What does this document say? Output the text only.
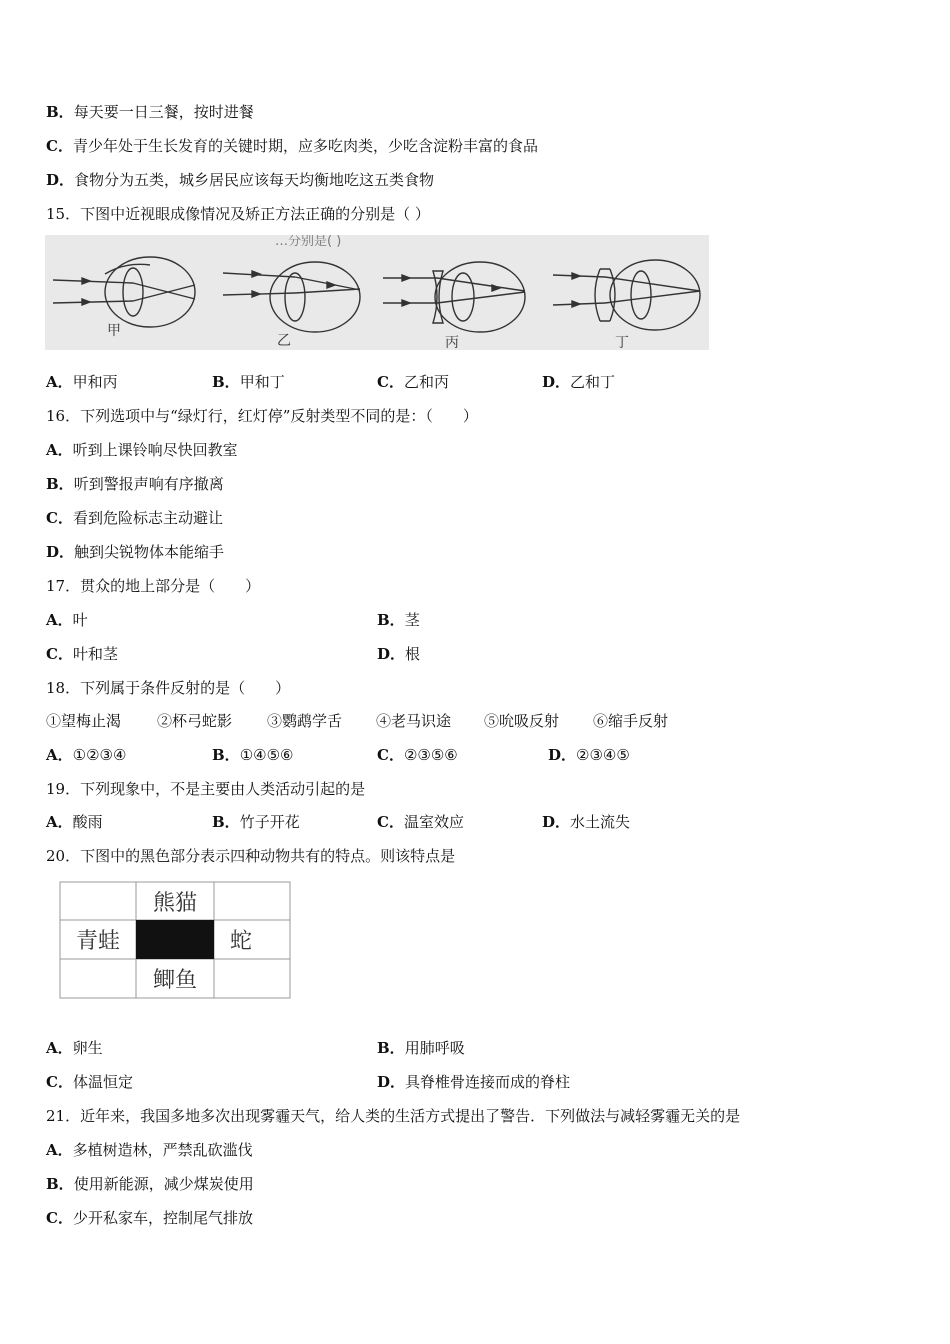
B．每天要一日三餐，按时进餐
C．青少年处于生长发育的关键时期，应多吃肉类，少吃含淀粉丰富的食品
D．食物分为五类，城乡居民应该每天均衡地吃这五类食物
15．下图中近视眼成像情况及矫正方法正确的分别是（ ）
…分别是( )
甲
乙	丙	丁
A．甲和丙	B．甲和丁	C．乙和丙	D．乙和丁
16．下列选项中与“绿灯行，红灯停”反射类型不同的是：（　　）
A．听到上课铃响尽快回教室
B．听到警报声响有序撤离
C．看到危险标志主动避让
D．触到尖锐物体本能缩手
17．贯众的地上部分是（　　）
A．叶	B．茎
C．叶和茎	D．根
18．下列属于条件反射的是（　　）
①望梅止渴 ②杯弓蛇影 ③鹦鹉学舌 ④老马识途 ⑤吮吸反射 ⑥缩手反射
A．①②③④	B．①④⑤⑥	C．②③⑤⑥	D．②③④⑤
19．下列现象中，不是主要由人类活动引起的是
A．酸雨	B．竹子开花	C．温室效应	D．水土流失
20．下图中的黑色部分表示四种动物共有的特点。则该特点是
熊猫
青蛙	蛇
鲫鱼
A．卵生	B．用肺呼吸
C．体温恒定	D．具脊椎骨连接而成的脊柱
21．近年来，我国多地多次出现雾霾天气，给人类的生活方式提出了警告．下列做法与减轻雾霾无关的是
A．多植树造林，严禁乱砍滥伐
B．使用新能源，减少煤炭使用
C．少开私家车，控制尾气排放
